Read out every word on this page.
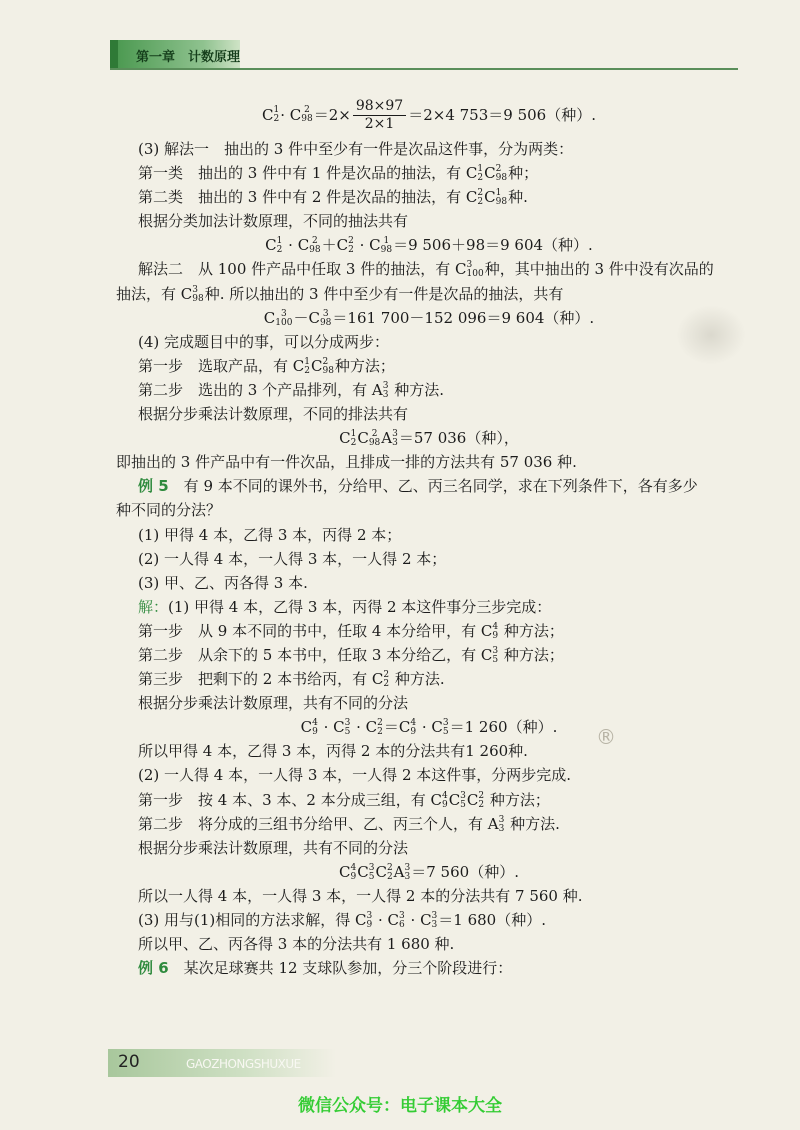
第一章　计数原理
C 1
2 · C 2
$98 =2\times \frac{98\times 97}{2\times 1} =2\times 4$ 753＝9 506（种）.
(3) 解法一　抽出的 3 件中至少有一件是次品这件事，分为两类：
第一类　抽出的 3 件中有 1 件是次品的抽法，有 C 1
2 C 2
98 种；
第二类　抽出的 3 件中有 2 件是次品的抽法，有 C 2
2 C 1
98 种.
根据分类加法计数原理，不同的抽法共有
C 1
2 · C 2
98 ＋C 2
2 · C 1
98 ＝9 506＋98＝9 604（种）.
解法二　从 100 件产品中任取 3 件的抽法，有 C 3
100 种，其中抽出的 3 件中没有次品的
抽法，有 C 3
98 种. 所以抽出的 3 件中至少有一件是次品的抽法，共有
C 3
100 －C 3
98 ＝161 700－152 096＝9 604（种）.
(4) 完成题目中的事，可以分成两步：
第一步　选取产品，有 C 1
2 C 2
98 种方法；
第二步　选出的 3 个产品排列，有 A 3
3 种方法.
根据分步乘法计数原理，不同的排法共有
C 1
2 C 2
98 A 3
3 ＝57 036（种），
即抽出的 3 件产品中有一件次品，且排成一排的方法共有 57 036 种.
例 5　有 9 本不同的课外书，分给甲、乙、丙三名同学，求在下列条件下，各有多少
种不同的分法？
(1) 甲得 4 本，乙得 3 本，丙得 2 本；
(2) 一人得 4 本，一人得 3 本，一人得 2 本；
(3) 甲、乙、丙各得 3 本.
解：(1) 甲得 4 本，乙得 3 本，丙得 2 本这件事分三步完成：
第一步　从 9 本不同的书中，任取 4 本分给甲，有 C 4
9 种方法；
第二步　从余下的 5 本书中，任取 3 本分给乙，有 C 3
5 种方法；
第三步　把剩下的 2 本书给丙，有 C 2
2 种方法.
根据分步乘法计数原理，共有不同的分法
C 4
9 · C 3
5 · C 2
2 ＝C 4
9 · C 3
5 ＝1 260（种）.
所以甲得 4 本，乙得 3 本，丙得 2 本的分法共有1 260种.
(2) 一人得 4 本，一人得 3 本，一人得 2 本这件事，分两步完成.
第一步　按 4 本、3 本、2 本分成三组，有 C 4
9 C 3
5 C 2
2 种方法；
第二步　将分成的三组书分给甲、乙、丙三个人，有 A 3
3 种方法.
根据分步乘法计数原理，共有不同的分法
C 4
9 C 3
5 C 2
2 A 3
3 ＝7 560（种）.
所以一人得 4 本，一人得 3 本，一人得 2 本的分法共有 7 560 种.
(3) 用与(1)相同的方法求解，得 C 3
9 · C 3
6 · C 3
3 ＝1 680（种）.
所以甲、乙、丙各得 3 本的分法共有 1 680 种.
例 6　某次足球赛共 12 支球队参加，分三个阶段进行：
®
20	GAOZHONGSHUXUE
微信公众号：电子课本大全
